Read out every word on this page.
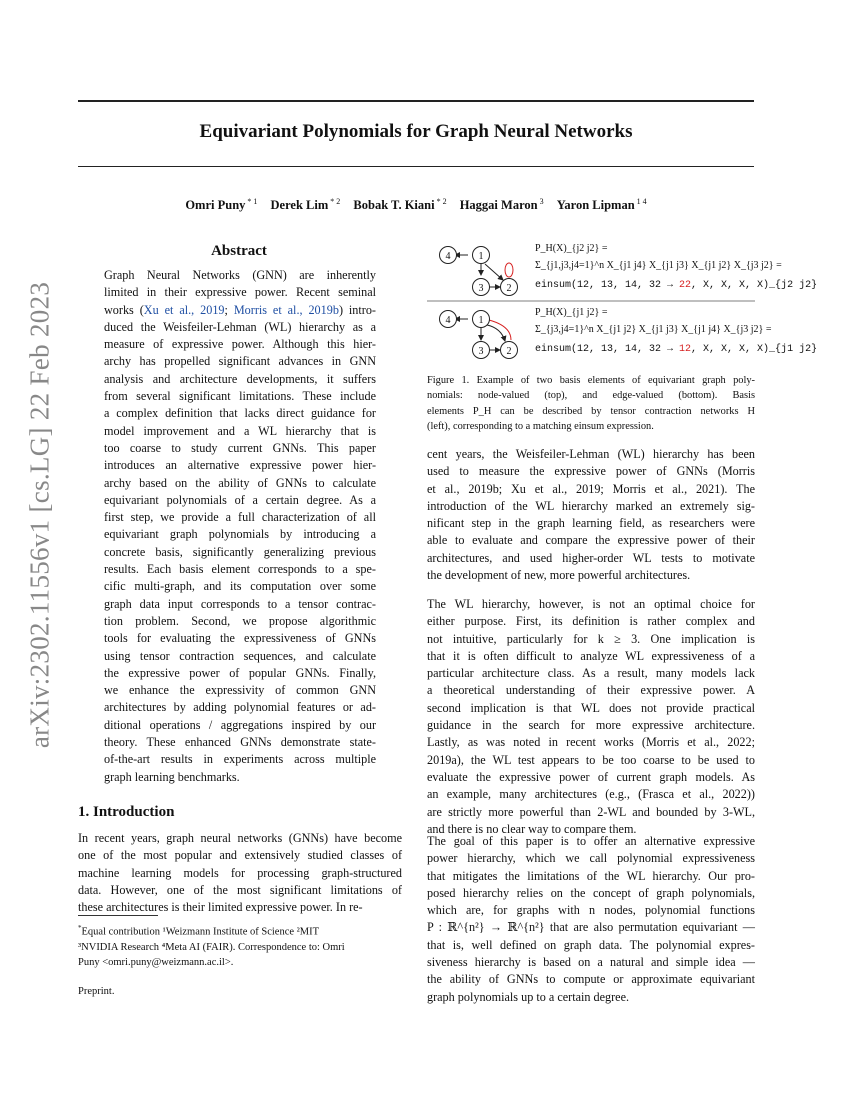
arXiv:2302.11556v1 [cs.LG] 22 Feb 2023
Equivariant Polynomials for Graph Neural Networks
Omri Puny $^{* 1}$ Derek Lim $^{* 2}$ Bobak T. Kiani $^{* 2}$ Haggai Maron $^3$ Yaron Lipman $^{1 4}$
Abstract
Graph Neural Networks (GNN) are inherently
limited in their expressive power. Recent seminal
works (Xu et al., 2019; Morris et al., 2019b) intro-
duced the Weisfeiler-Lehman (WL) hierarchy as a
measure of expressive power. Although this hier-
archy has propelled significant advances in GNN
analysis and architecture developments, it suffers
from several significant limitations. These include
a complex definition that lacks direct guidance for
model improvement and a WL hierarchy that is
too coarse to study current GNNs. This paper
introduces an alternative expressive power hier-
archy based on the ability of GNNs to calculate
equivariant polynomials of a certain degree. As a
first step, we provide a full characterization of all
equivariant graph polynomials by introducing a
concrete basis, significantly generalizing previous
results. Each basis element corresponds to a spe-
cific multi-graph, and its computation over some
graph data input corresponds to a tensor contrac-
tion problem. Second, we propose algorithmic
tools for evaluating the expressiveness of GNNs
using tensor contraction sequences, and calculate
the expressive power of popular GNNs. Finally,
we enhance the expressivity of common GNN
architectures by adding polynomial features or ad-
ditional operations / aggregations inspired by our
theory. These enhanced GNNs demonstrate state-
of-the-art results in experiments across multiple
graph learning benchmarks.
1. Introduction
In recent years, graph neural networks (GNNs) have become
one of the most popular and extensively studied classes of
machine learning models for processing graph-structured
data. However, one of the most significant limitations of
these architectures is their limited expressive power. In re-
*Equal contribution ¹Weizmann Institute of Science ²MIT
³NVIDIA Research ⁴Meta AI (FAIR). Correspondence to: Omri
Puny <omri.puny@weizmann.ac.il>.
Preprint.
4	1
3 2
4	1
3 2
P_H(X)_{j2 j2} =
Σ_{j1,j3,j4=1}^n X_{j1 j4} X_{j1 j3} X_{j1 j2} X_{j3 j2} =
einsum(12, 13, 14, 32 → 22, X, X, X, X)_{j2 j2}
P_H(X)_{j1 j2} =
Σ_{j3,j4=1}^n X_{j1 j2} X_{j1 j3} X_{j1 j4} X_{j3 j2} =
einsum(12, 13, 14, 32 → 12, X, X, X, X)_{j1 j2}
Figure 1. Example of two basis elements of equivariant graph poly-
nomials: node-valued (top), and edge-valued (bottom). Basis
elements P_H can be described by tensor contraction networks H
(left), corresponding to a matching einsum expression.
cent years, the Weisfeiler-Lehman (WL) hierarchy has been
used to measure the expressive power of GNNs (Morris
et al., 2019b; Xu et al., 2019; Morris et al., 2021). The
introduction of the WL hierarchy marked an extremely sig-
nificant step in the graph learning field, as researchers were
able to evaluate and compare the expressive power of their
architectures, and used higher-order WL tests to motivate
the development of new, more powerful architectures.
The WL hierarchy, however, is not an optimal choice for
either purpose. First, its definition is rather complex and
not intuitive, particularly for k ≥ 3. One implication is
that it is often difficult to analyze WL expressiveness of a
particular architecture class. As a result, many models lack
a theoretical understanding of their expressive power. A
second implication is that WL does not provide practical
guidance in the search for more expressive architecture.
Lastly, as was noted in recent works (Morris et al., 2022;
2019a), the WL test appears to be too coarse to be used to
evaluate the expressive power of current graph models. As
an example, many architectures (e.g., (Frasca et al., 2022))
are strictly more powerful than 2-WL and bounded by 3-WL,
and there is no clear way to compare them.
The goal of this paper is to offer an alternative expressive
power hierarchy, which we call polynomial expressiveness
that mitigates the limitations of the WL hierarchy. Our pro-
posed hierarchy relies on the concept of graph polynomials,
which are, for graphs with n nodes, polynomial functions
P : ℝ^{n²} → ℝ^{n²} that are also permutation equivariant —
that is, well defined on graph data. The polynomial expres-
siveness hierarchy is based on a natural and simple idea —
the ability of GNNs to compute or approximate equivariant
graph polynomials up to a certain degree.
